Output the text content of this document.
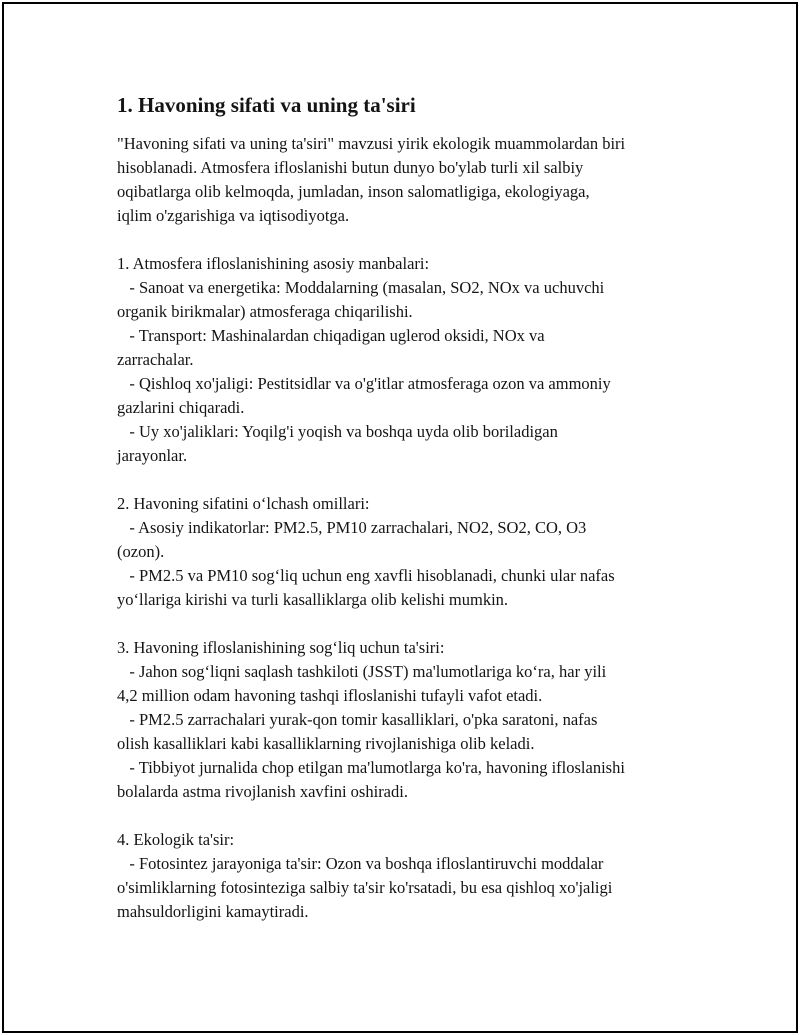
1. Havoning sifati va uning ta'siri

"Havoning sifati va uning ta'siri" mavzusi yirik ekologik muammolardan biri

hisoblanadi. Atmosfera ifloslanishi butun dunyo bo'ylab turli xil salbiy

oqibatlarga olib kelmoqda, jumladan, inson salomatligiga, ekologiyaga,

iqlim o'zgarishiga va iqtisodiyotga.

1. Atmosfera ifloslanishining asosiy manbalari:

- Sanoat va energetika: Moddalarning (masalan, SO2, NOx va uchuvchi

organik birikmalar) atmosferaga chiqarilishi.

- Transport: Mashinalardan chiqadigan uglerod oksidi, NOx va

zarrachalar.

- Qishloq xo'jaligi: Pestitsidlar va o'g'itlar atmosferaga ozon va ammoniy

gazlarini chiqaradi.

- Uy xo'jaliklari: Yoqilg'i yoqish va boshqa uyda olib boriladigan

jarayonlar.

2. Havoning sifatini o‘lchash omillari:

- Asosiy indikatorlar: PM2.5, PM10 zarrachalari, NO2, SO2, CO, O3

(ozon).

- PM2.5 va PM10 sog‘liq uchun eng xavfli hisoblanadi, chunki ular nafas

yo‘llariga kirishi va turli kasalliklarga olib kelishi mumkin.

3. Havoning ifloslanishining sog‘liq uchun ta'siri:

- Jahon sog‘liqni saqlash tashkiloti (JSST) ma'lumotlariga ko‘ra, har yili

4,2 million odam havoning tashqi ifloslanishi tufayli vafot etadi.

- PM2.5 zarrachalari yurak-qon tomir kasalliklari, o'pka saratoni, nafas

olish kasalliklari kabi kasalliklarning rivojlanishiga olib keladi.

- Tibbiyot jurnalida chop etilgan ma'lumotlarga ko'ra, havoning ifloslanishi

bolalarda astma rivojlanish xavfini oshiradi.

4. Ekologik ta'sir:

- Fotosintez jarayoniga ta'sir: Ozon va boshqa ifloslantiruvchi moddalar

o'simliklarning fotosinteziga salbiy ta'sir ko'rsatadi, bu esa qishloq xo'jaligi

mahsuldorligini kamaytiradi.
